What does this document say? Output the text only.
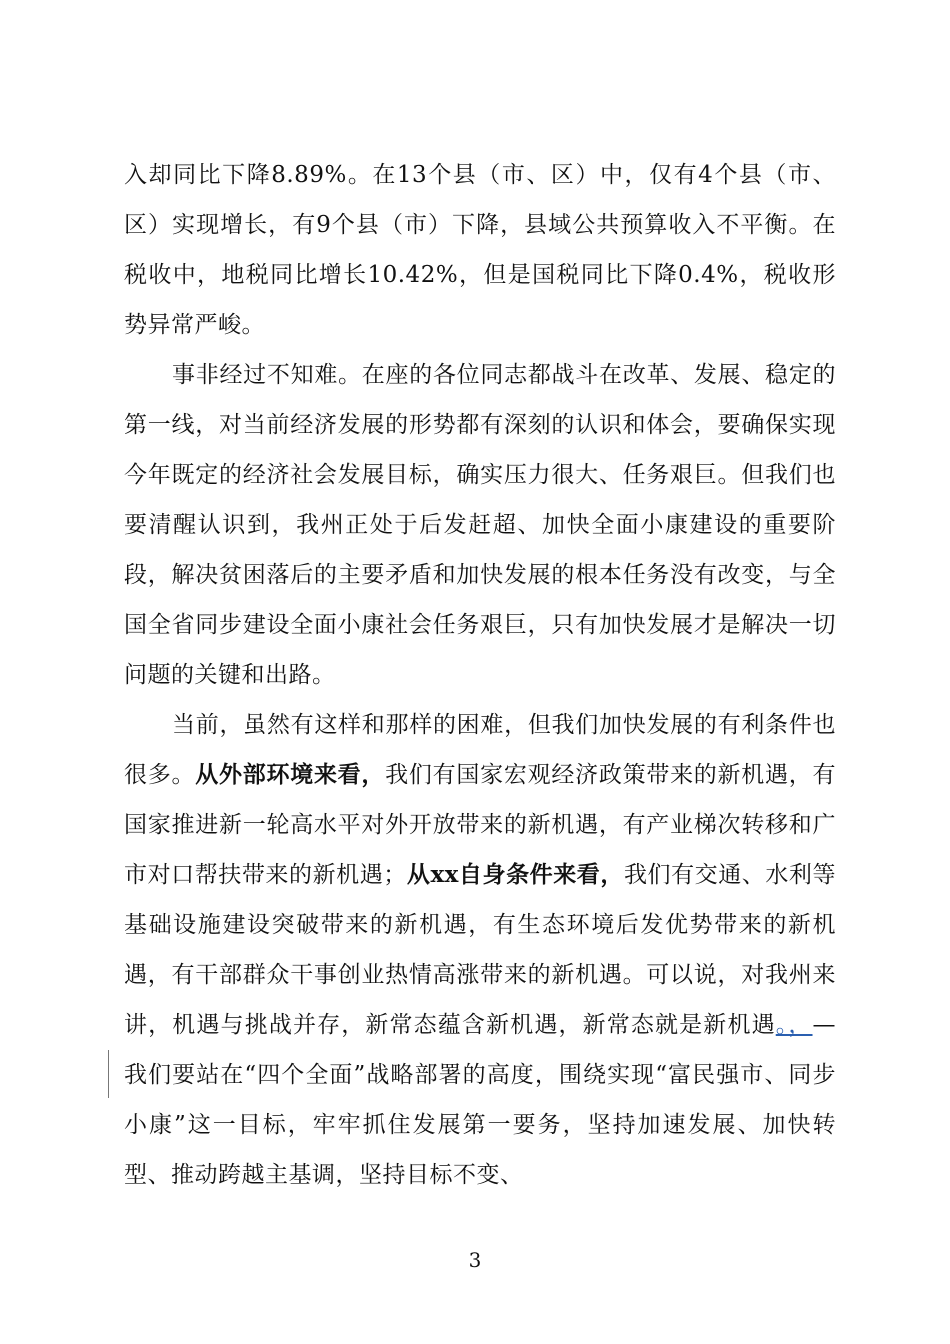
入却同比下降8.89%。在13个县（市、区）中，仅有4个县（市、区）实现增长，有9个县（市）下降，县域公共预算收入不平衡。在税收中，地税同比增长10.42%，但是国税同比下降0.4%，税收形势异常严峻。

事非经过不知难。在座的各位同志都战斗在改革、发展、稳定的第一线，对当前经济发展的形势都有深刻的认识和体会，要确保实现今年既定的经济社会发展目标，确实压力很大、任务艰巨。但我们也要清醒认识到，我州正处于后发赶超、加快全面小康建设的重要阶段，解决贫困落后的主要矛盾和加快发展的根本任务没有改变，与全国全省同步建设全面小康社会任务艰巨，只有加快发展才是解决一切问题的关键和出路。

当前，虽然有这样和那样的困难，但我们加快发展的有利条件也很多。从外部环境来看，我们有国家宏观经济政策带来的新机遇，有国家推进新一轮高水平对外开放带来的新机遇，有产业梯次转移和广市对口帮扶带来的新机遇；从xx自身条件来看，我们有交通、水利等基础设施建设突破带来的新机遇，有生态环境后发优势带来的新机遇，有干部群众干事创业热情高涨带来的新机遇。可以说，对我州来讲，机遇与挑战并存，新常态蕴含新机遇，新常态就是新机遇。，—我们要站在“四个全面”战略部署的高度，围绕实现“富民强市、同步小康”这一目标，牢牢抓住发展第一要务，坚持加速发展、加快转型、推动跨越主基调，坚持目标不变、

3
